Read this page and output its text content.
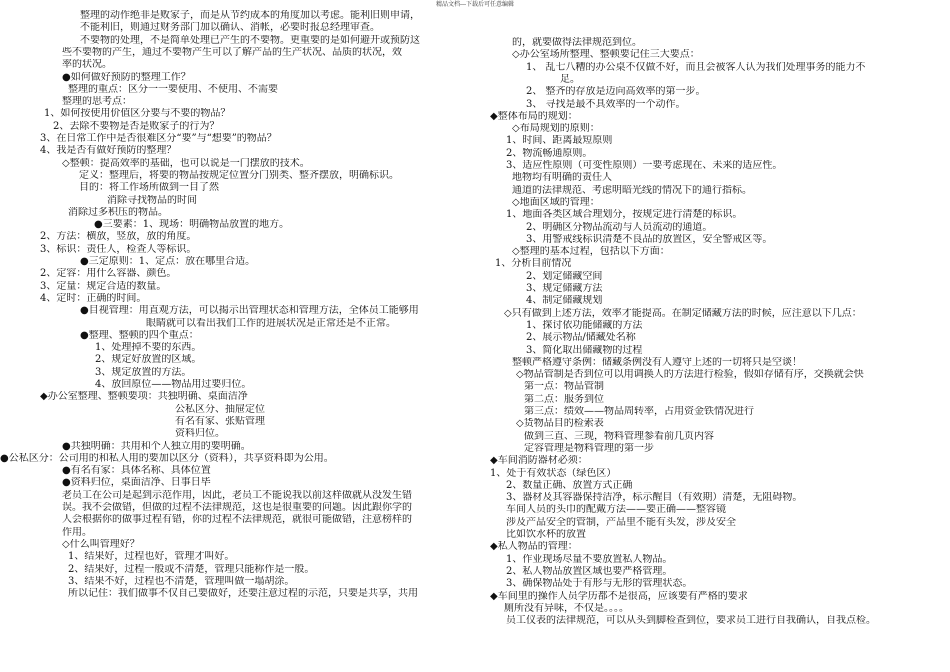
精品文档---下载后可任意编辑
整理的动作绝非是败家子，而是从节约成本的角度加以考虑。能利旧则申请，
不能利旧，则通过财务部门加以确认、消帐，必要时报总经理审查。
不要物的处理，不是简单处理已产生的不要物。更重要的是如何避开或预防这
些不要物的产生，通过不要物产生可以了解产品的生产状况、品质的状况，效
率的状况。
●如何做好预防的整理工作？
整理的重点：区分一一要使用、不使用、不需要
整理的思考点：
1、如何按使用价值区分要与不要的物品？
2、去除不要物是否是败家子的行为？
3、在日常工作中是否很难区分“要”与“想要”的物品？
4、我是否有做好预防的整理？
◇整顿：提高效率的基础，也可以说是一门摆放的技术。
定义：整理后，将要的物品按规定位置分门别类、整齐摆放，明确标识。
目的：将工作场所做到一目了然
消除寻找物品的时间
消除过多积压的物品。
●三要素：1、现场：明确物品放置的地方。
2、方法：横放，竖放，放的角度。
3、标识：责任人，检查人等标识。
●三定原则：1、定点：放在哪里合适。
2、定容：用什么容器、颜色。
3、定量：规定合适的数量。
4、定时：正确的时间。
●目视管理：用直观方法，可以揭示出管理状态和管理方法，全体员工能够用
眼睛就可以看出我们工作的进展状况是正常还是不正常。
●整理、整顿的四个重点：
1、处理掉不要的东西。
2、规定好放置的区域。
3、规定放置的方法。
4、放回原位——物品用过要归位。
◆办公室整理、整顿要项：共独明确、桌面洁净
公私区分、抽屉定位
有名有家、张贴管理
资料归位。
●共独明确：共用和个人独立用的要明确。
●公私区分：公司用的和私人用的要加以区分（资料），共享资料即为公用。
●有名有家：具体名称、具体位置
●资料归位，桌面洁净、日事日毕
老员工在公司是起到示范作用，因此，老员工不能说我以前这样做就从没发生错
误。我不会做错，但做的过程不法律规范，这也是很重要的问题。因此跟你学的
人会根据你的做事过程有错，你的过程不法律规范，就很可能做错，注意榜样的
作用。
◇什么叫管理好？
1、结果好，过程也好，管理才叫好。
2、结果好，过程一般或不清楚，管理只能称作是一般。
3、结果不好，过程也不清楚，管理叫做一塌胡涂。
所以记住：我们做事不仅自己要做好，还要注意过程的示范，只要是共享，共用
的，就要做得法律规范到位。
◇办公室场所整理、整顿要记住三大要点：
1、 乱七八糟的办公桌不仅做不好，而且会被客人认为我们处理事务的能力不
足。
2、 整齐的存放是迈向高效率的第一步。
3、 寻找是最不具效率的一个动作。
◆整体布局的规划：
◇布局规划的原则：
1、时间、距离最短原则
2、物流畅通原则。
3、适应性原则（可变性原则）一要考虑现在、未来的适应性。
地物均有明确的责任人
通道的法律规范、考虑明暗光线的情况下的通行指标。
◇地面区域的管理：
1、地面各类区域合理划分，按规定进行清楚的标识。
2、明确区分物品流动与人员流动的通道。
3、用警戒线标识清楚不良品的放置区，安全警戒区等。
◇整理的基本过程，包括以下方面：
1、分析目前情况
2、划定储藏空间
3、规定储藏方法
4、制定储藏规划
◇只有做到上述方法，效率才能提高。在制定储藏方法的时候，应注意以下几点：
1、探讨依功能储藏的方法
2、展示物品/储藏处名称
3、简化取出储藏物的过程
整顿严格遵守条例：储藏条例没有人遵守上述的一切将只是空谈！
◇物品管制是否到位可以用调换人的方法进行检验，假如存储有序，交换就会快
第一点：物品管制
第二点：服务到位
第三点：绩效——物品周转率，占用资金铁情况进行
◇货物品目的检索表
做到三直、三现，物料管理参看前几页内容
定容管理是物料管理的第一步
◆车间消防器材必须：
1、处于有效状态（绿色区）
2、数量正确、放置方式正确
3、器材及其容器保持洁净，标示醒目（有效期）清楚，无阻碍物。
车间人员的头巾的配戴方法——要正确——整容镜
涉及产品安全的管制，产品里不能有头发，涉及安全
比如饮水杯的放置
◆私人物品的管理：
1、作业现场尽量不要放置私人物品。
2、私人物品放置区域也要严格管理。
3、确保物品处于有形与无形的管理状态。
◆车间里的操作人员学历都不是很高，应该要有严格的要求
厕所没有异味，不仅是。。。。
员工仪表的法律规范，可以从头到脚检查到位，要求员工进行自我确认，自我点检。
